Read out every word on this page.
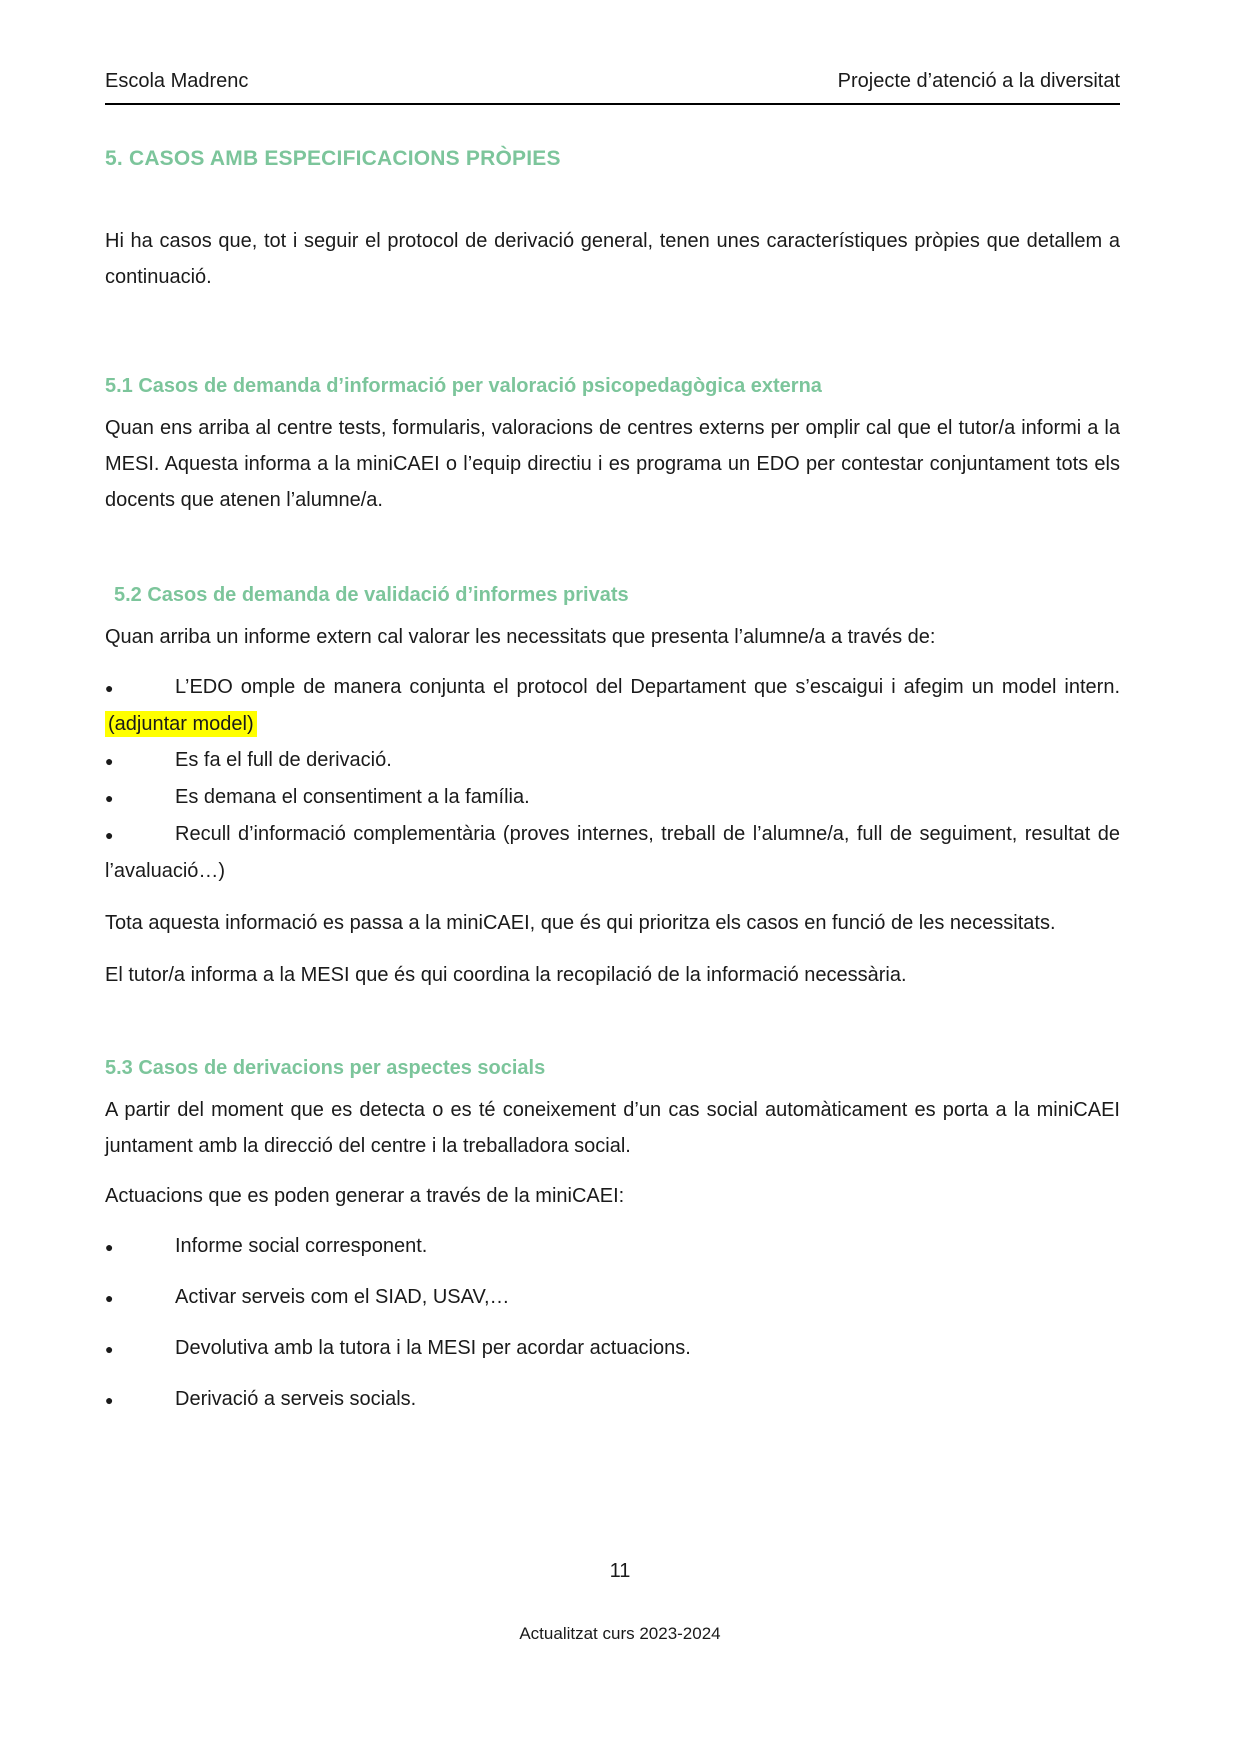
Escola Madrenc	Projecte d’atenció a la diversitat
5. CASOS AMB ESPECIFICACIONS PRÒPIES

Hi ha casos que, tot i seguir el protocol de derivació general, tenen unes característiques pròpies que detallem a continuació.

5.1 Casos de demanda d’informació per valoració psicopedagògica externa

Quan ens arriba al centre tests, formularis, valoracions de centres externs per omplir cal que el tutor/a informi a la MESI. Aquesta informa a la miniCAEI o l’equip directiu i es programa un EDO per contestar conjuntament tots els docents que atenen l’alumne/a.

5.2 Casos de demanda de validació d’informes privats

Quan arriba un informe extern cal valorar les necessitats que presenta l’alumne/a a través de:

●	L’EDO omple de manera conjunta el protocol del Departament que s’escaigui i afegim un model intern. (adjuntar model)
●	Es fa el full de derivació.
●	Es demana el consentiment a la família.
●	Recull d’informació complementària (proves internes, treball de l’alumne/a, full de seguiment, resultat de l’avaluació…)

Tota aquesta informació es passa a la miniCAEI, que és qui prioritza els casos en funció de les necessitats.

El tutor/a informa a la MESI que és qui coordina la recopilació de la informació necessària.

5.3 Casos de derivacions per aspectes socials

A partir del moment que es detecta o es té coneixement d’un cas social automàticament es porta a la miniCAEI juntament amb la direcció del centre i la treballadora social.

Actuacions que es poden generar a través de la miniCAEI:

●	Informe social corresponent.
●	Activar serveis com el SIAD, USAV,…
●	Devolutiva amb la tutora i la MESI per acordar actuacions.
●	Derivació a serveis socials.
11
Actualitzat curs 2023-2024
